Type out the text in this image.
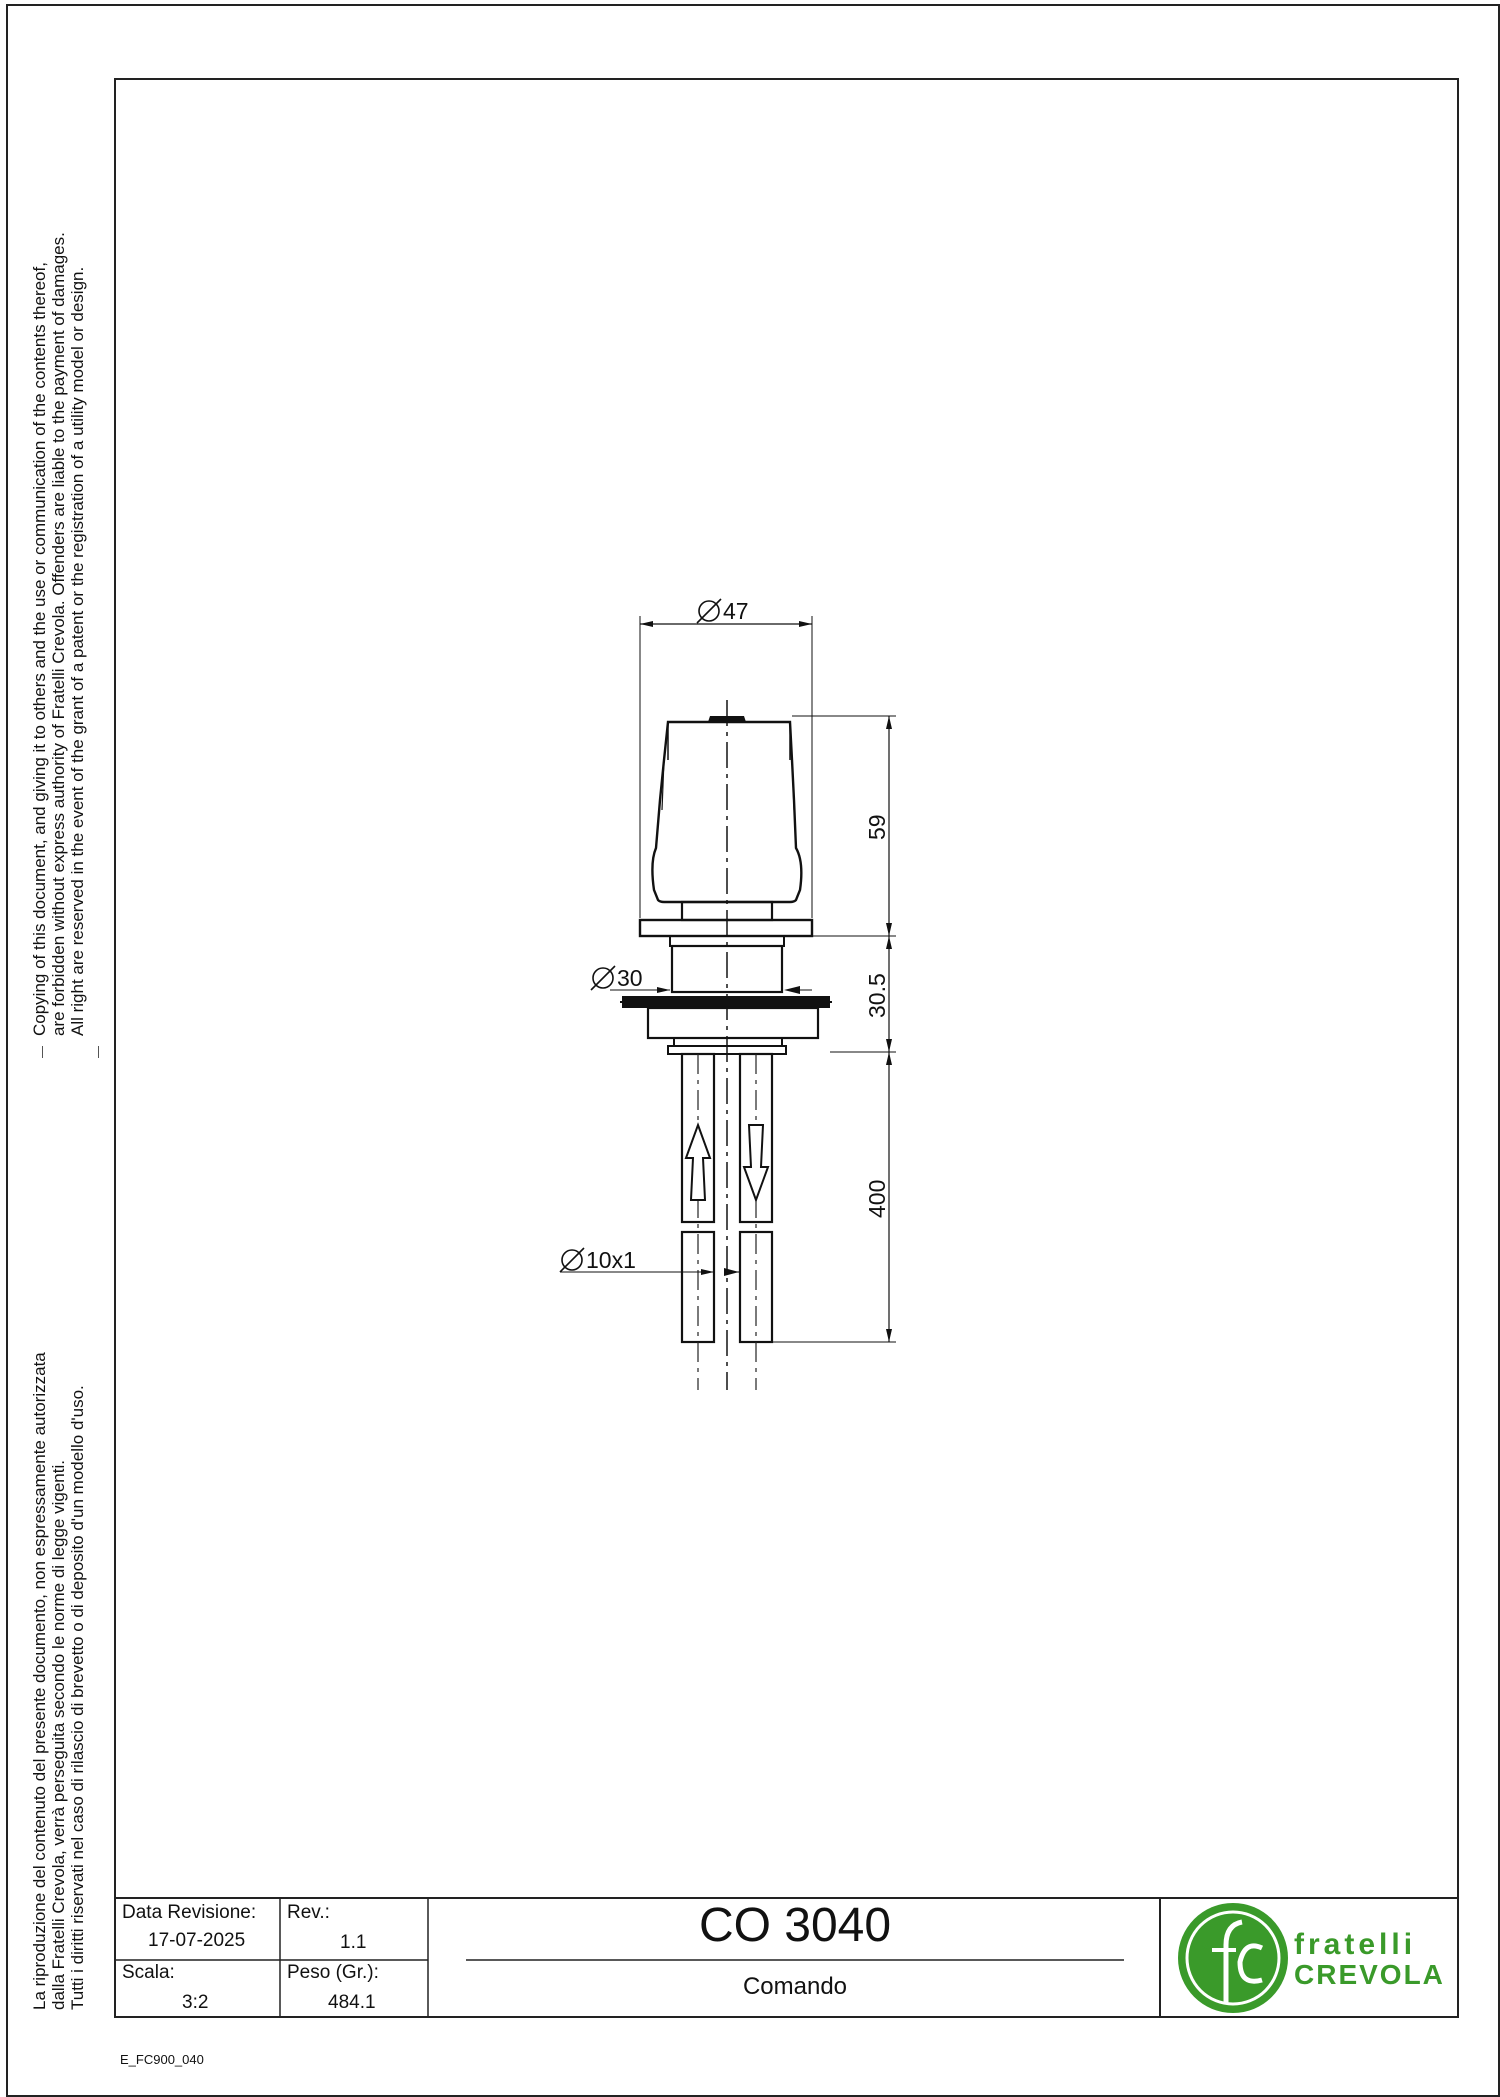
Copying of this document, and giving it to others and the use or communication of the contents thereof, are forbidden without express authority of Fratelli Crevola. Offenders are liable to the payment of damages. All right are reserved in the event of the grant of a patent or the registration of a utility model or design.
La riproduzione del contenuto del presente documento, non espressamente autorizzata dalla Fratelli Crevola, verrà perseguita secondo le norme di legge vigenti. Tutti i diritti riservati nel caso di rilascio di brevetto o di deposito d'un modello d'uso.
47
59
30.5
400
30
10x1
Data Revisione:
17-07-2025
Rev.:
1.1
Scala:
3:2
Peso (Gr.):
484.1
CO 3040
Comando
fratelli
CREVOLA
E_FC900_040
